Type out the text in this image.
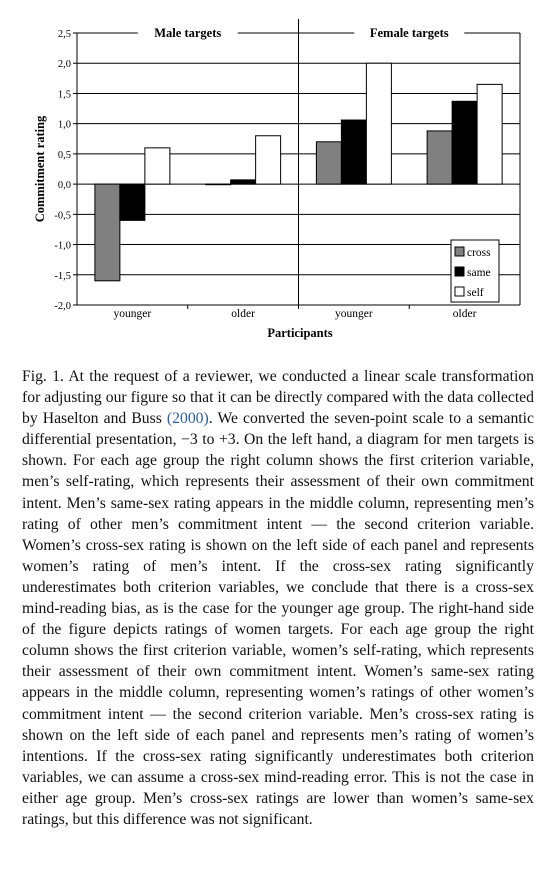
2,5
2,0
1,5
1,0
0,5
0,0
-0,5
-1,0
-1,5
-2,0
Male targets	Female targets
younger	older	younger	older
Commitment rating
Participants
cross
same
self

Fig. 1. At the request of a reviewer, we conducted a linear scale transformation for adjusting our figure so that it can be directly compared with the data collected by Haselton and Buss (2000). We converted the seven-point scale to a semantic differential presentation, −3 to +3. On the left hand, a diagram for men targets is shown. For each age group the right column shows the first criterion variable, men’s self-rating, which represents their assessment of their own commitment intent. Men’s same-sex rating appears in the middle column, representing men’s rating of other men’s commitment intent — the second criterion variable. Women’s cross-sex rating is shown on the left side of each panel and represents women’s rating of men’s intent. If the cross-sex rating significantly underestimates both criterion variables, we conclude that there is a cross-sex mind-reading bias, as is the case for the younger age group. The right-hand side of the figure depicts ratings of women targets. For each age group the right column shows the first criterion variable, women’s self-rating, which represents their assessment of their own commitment intent. Women’s same-sex rating appears in the middle column, representing women’s ratings of other women’s commitment intent — the second criterion variable. Men’s cross-sex rating is shown on the left side of each panel and represents men’s rating of women’s intentions. If the cross-sex rating significantly underestimates both criterion variables, we can assume a cross-sex mind-reading error. This is not the case in either age group. Men’s cross-sex ratings are lower than women’s same-sex ratings, but this difference was not significant.
